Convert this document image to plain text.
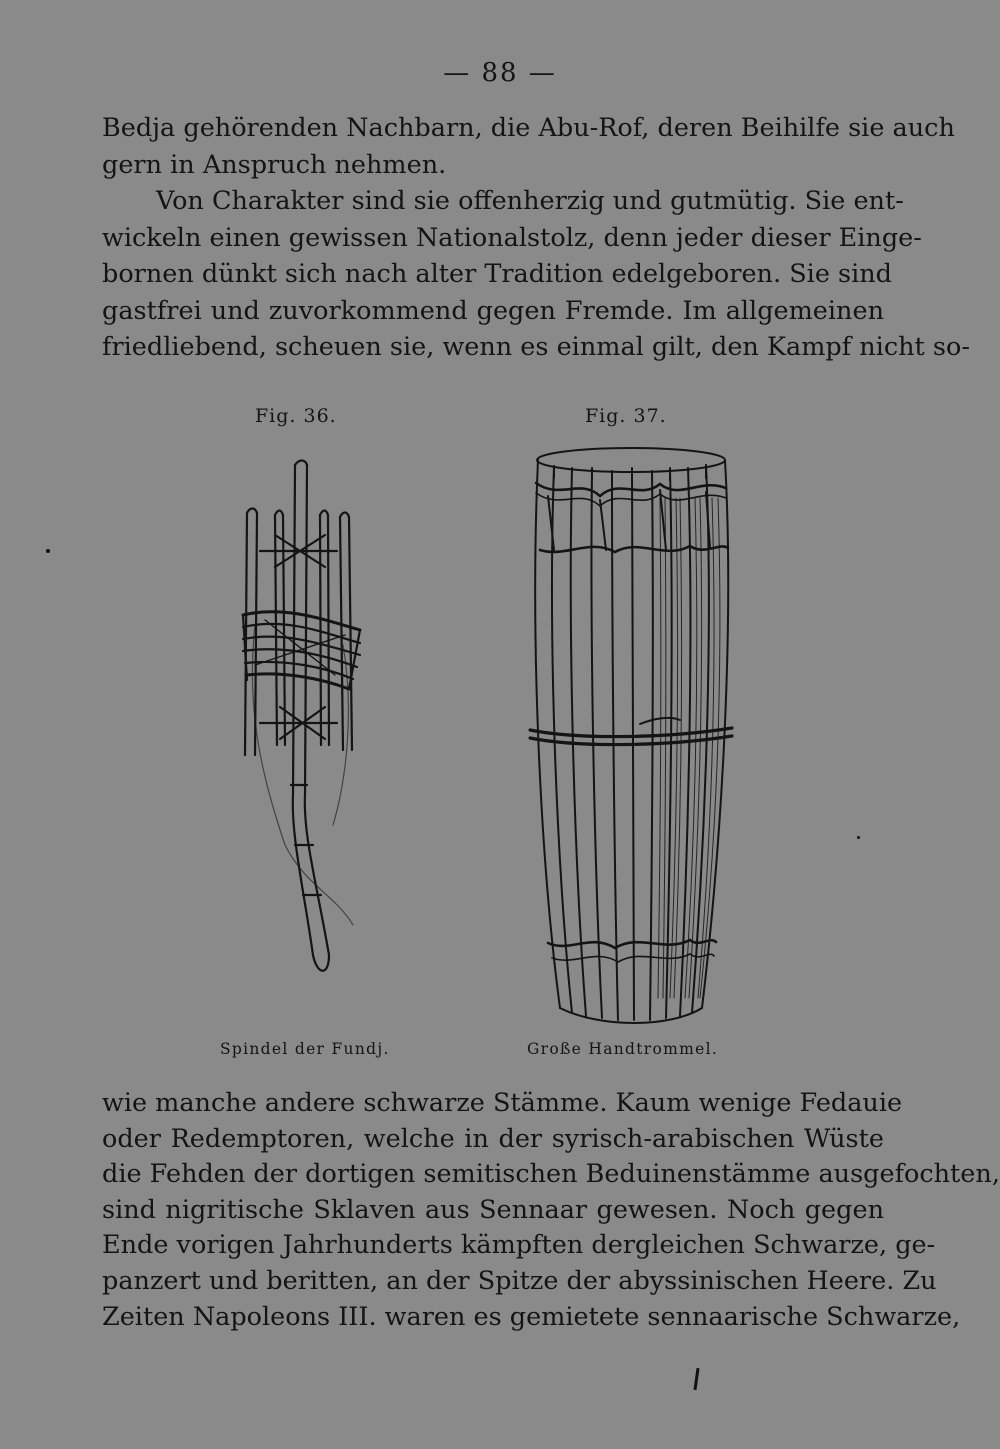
— 88 —
Bedja gehörenden Nachbarn, die Abu-Rof, deren Beihilfe sie auch
gern in Anspruch nehmen.
Von Charakter sind sie offenherzig und gutmütig. Sie ent-
wickeln einen gewissen Nationalstolz, denn jeder dieser Einge-
bornen dünkt sich nach alter Tradition edelgeboren. Sie sind
gastfrei und zuvorkommend gegen Fremde. Im allgemeinen
friedliebend, scheuen sie, wenn es einmal gilt, den Kampf nicht so-
Fig. 36.	Fig. 37.
Spindel der Fundj.	Große Handtrommel.
wie manche andere schwarze Stämme. Kaum wenige Fedauie
oder Redemptoren, welche in der syrisch-arabischen Wüste
die Fehden der dortigen semitischen Beduinenstämme ausgefochten,
sind nigritische Sklaven aus Sennaar gewesen. Noch gegen
Ende vorigen Jahrhunderts kämpften dergleichen Schwarze, ge-
panzert und beritten, an der Spitze der abyssinischen Heere. Zu
Zeiten Napoleons III. waren es gemietete sennaarische Schwarze,
